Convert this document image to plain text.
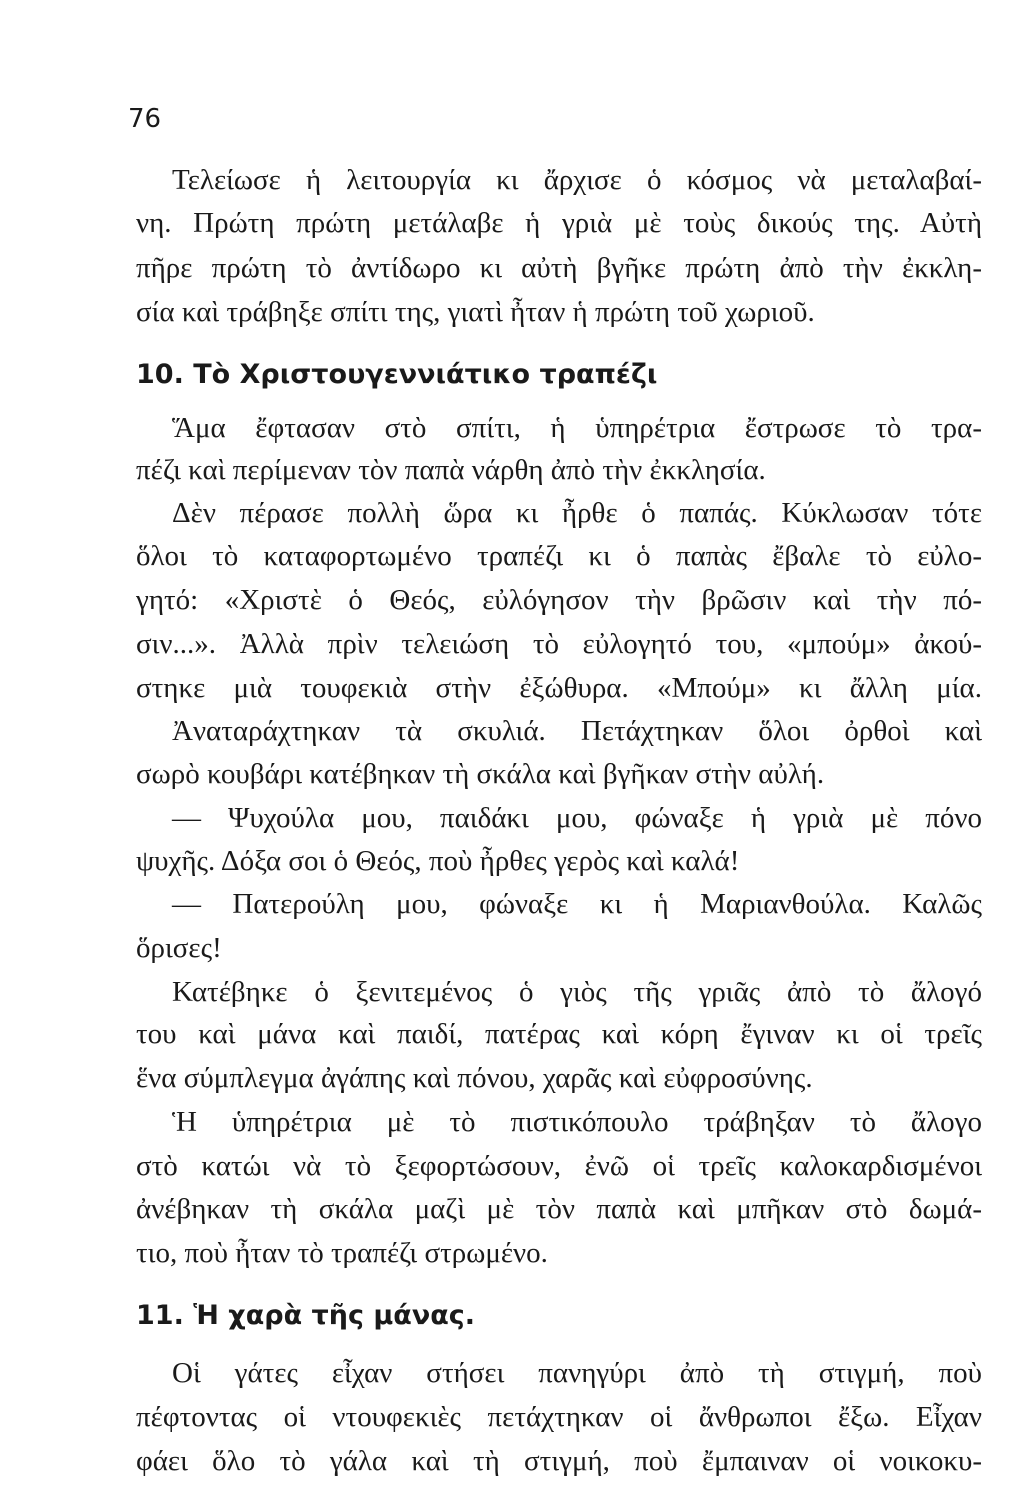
76
Τελείωσε ἡ λειτουργία κι ἄρχισε ὁ κόσμος νὰ μεταλαβαί-
νη. Πρώτη πρώτη μετάλαβε ἡ γριὰ μὲ τοὺς δικούς της. Αὐτὴ
πῆρε πρώτη τὸ ἀντίδωρο κι αὐτὴ βγῆκε πρώτη ἀπὸ τὴν ἐκκλη-
σία καὶ τράβηξε σπίτι της, γιατὶ ἦταν ἡ πρώτη τοῦ χωριοῦ.
10. Τὸ Χριστουγεννιάτικο τραπέζι
Ἅμα ἔφτασαν στὸ σπίτι, ἡ ὑπηρέτρια ἔστρωσε τὸ τρα-
πέζι καὶ περίμεναν τὸν παπὰ νάρθη ἀπὸ τὴν ἐκκλησία.
Δὲν πέρασε πολλὴ ὥρα κι ἦρθε ὁ παπάς. Κύκλωσαν τότε
ὅλοι τὸ καταφορτωμένο τραπέζι κι ὁ παπὰς ἔβαλε τὸ εὐλο-
γητό: «Χριστὲ ὁ Θεός, εὐλόγησον τὴν βρῶσιν καὶ τὴν πό-
σιν...». Ἀλλὰ πρὶν τελειώση τὸ εὐλογητό του, «μπούμ» ἀκού-
στηκε μιὰ τουφεκιὰ στὴν ἐξώθυρα. «Μπούμ» κι ἄλλη μία.
Ἀναταράχτηκαν τὰ σκυλιά. Πετάχτηκαν ὅλοι ὀρθοὶ καὶ
σωρὸ κουβάρι κατέβηκαν τὴ σκάλα καὶ βγῆκαν στὴν αὐλή.
— Ψυχούλα μου, παιδάκι μου, φώναξε ἡ γριὰ μὲ πόνο
ψυχῆς. Δόξα σοι ὁ Θεός, ποὺ ἦρθες γερὸς καὶ καλά!
— Πατερούλη μου, φώναξε κι ἡ Μαριανθούλα. Καλῶς
ὅρισες!
Κατέβηκε ὁ ξενιτεμένος ὁ γιὸς τῆς γριᾶς ἀπὸ τὸ ἄλογό
του καὶ μάνα καὶ παιδί, πατέρας καὶ κόρη ἔγιναν κι οἱ τρεῖς
ἕνα σύμπλεγμα ἀγάπης καὶ πόνου, χαρᾶς καὶ εὐφροσύνης.
Ἡ ὑπηρέτρια μὲ τὸ πιστικόπουλο τράβηξαν τὸ ἄλογο
στὸ κατώι νὰ τὸ ξεφορτώσουν, ἐνῶ οἱ τρεῖς καλοκαρδισμένοι
ἀνέβηκαν τὴ σκάλα μαζὶ μὲ τὸν παπὰ καὶ μπῆκαν στὸ δωμά-
τιο, ποὺ ἦταν τὸ τραπέζι στρωμένο.
11. Ἡ χαρὰ τῆς μάνας.
Οἱ γάτες εἶχαν στήσει πανηγύρι ἀπὸ τὴ στιγμή, ποὺ
πέφτοντας οἱ ντουφεκιὲς πετάχτηκαν οἱ ἄνθρωποι ἔξω. Εἶχαν
φάει ὅλο τὸ γάλα καὶ τὴ στιγμή, ποὺ ἔμπαιναν οἱ νοικοκυ-
